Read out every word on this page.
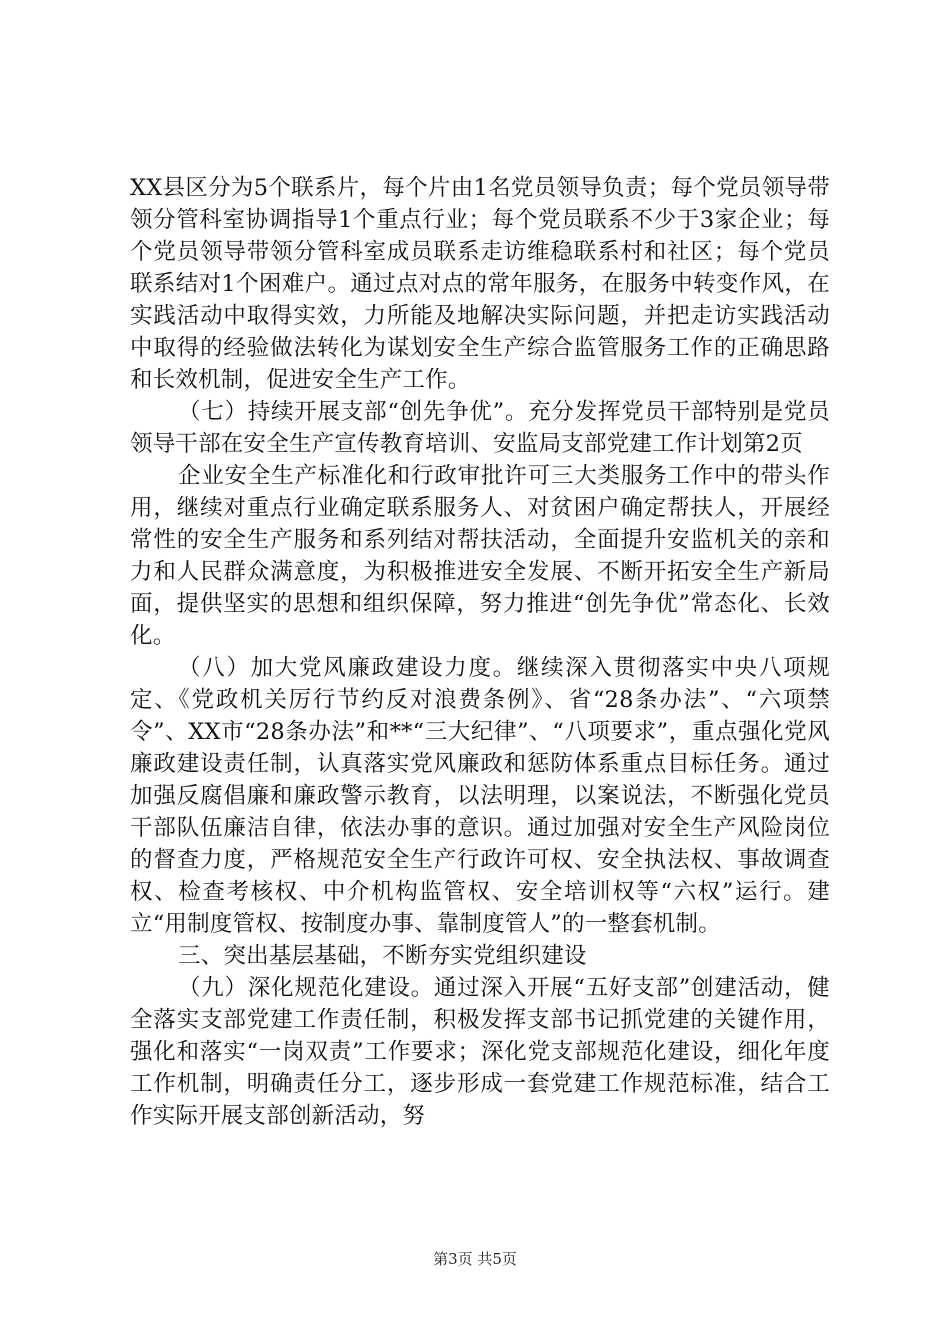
XX县区分为5个联系片，每个片由1名党员领导负责；每个党员领导带领分管科室协调指导1个重点行业；每个党员联系不少于3家企业；每个党员领导带领分管科室成员联系走访维稳联系村和社区；每个党员联系结对1个困难户。通过点对点的常年服务，在服务中转变作风，在实践活动中取得实效，力所能及地解决实际问题，并把走访实践活动中取得的经验做法转化为谋划安全生产综合监管服务工作的正确思路和长效机制，促进安全生产工作。

（七）持续开展支部“创先争优”。充分发挥党员干部特别是党员领导干部在安全生产宣传教育培训、安监局支部党建工作计划第2页

企业安全生产标准化和行政审批许可三大类服务工作中的带头作用，继续对重点行业确定联系服务人、对贫困户确定帮扶人，开展经常性的安全生产服务和系列结对帮扶活动，全面提升安监机关的亲和力和人民群众满意度，为积极推进安全发展、不断开拓安全生产新局面，提供坚实的思想和组织保障，努力推进“创先争优”常态化、长效化。

（八）加大党风廉政建设力度。继续深入贯彻落实中央八项规定、《党政机关厉行节约反对浪费条例》、省“28条办法”、“六项禁令”、XX市“28条办法”和**“三大纪律”、“八项要求”，重点强化党风廉政建设责任制，认真落实党风廉政和惩防体系重点目标任务。通过加强反腐倡廉和廉政警示教育，以法明理，以案说法，不断强化党员干部队伍廉洁自律，依法办事的意识。通过加强对安全生产风险岗位的督查力度，严格规范安全生产行政许可权、安全执法权、事故调查权、检查考核权、中介机构监管权、安全培训权等“六权”运行。建立“用制度管权、按制度办事、靠制度管人”的一整套机制。

三、突出基层基础，不断夯实党组织建设

（九）深化规范化建设。通过深入开展“五好支部”创建活动，健全落实支部党建工作责任制，积极发挥支部书记抓党建的关键作用，强化和落实“一岗双责”工作要求；深化党支部规范化建设，细化年度工作机制，明确责任分工，逐步形成一套党建工作规范标准，结合工作实际开展支部创新活动，努

第3页 共5页
